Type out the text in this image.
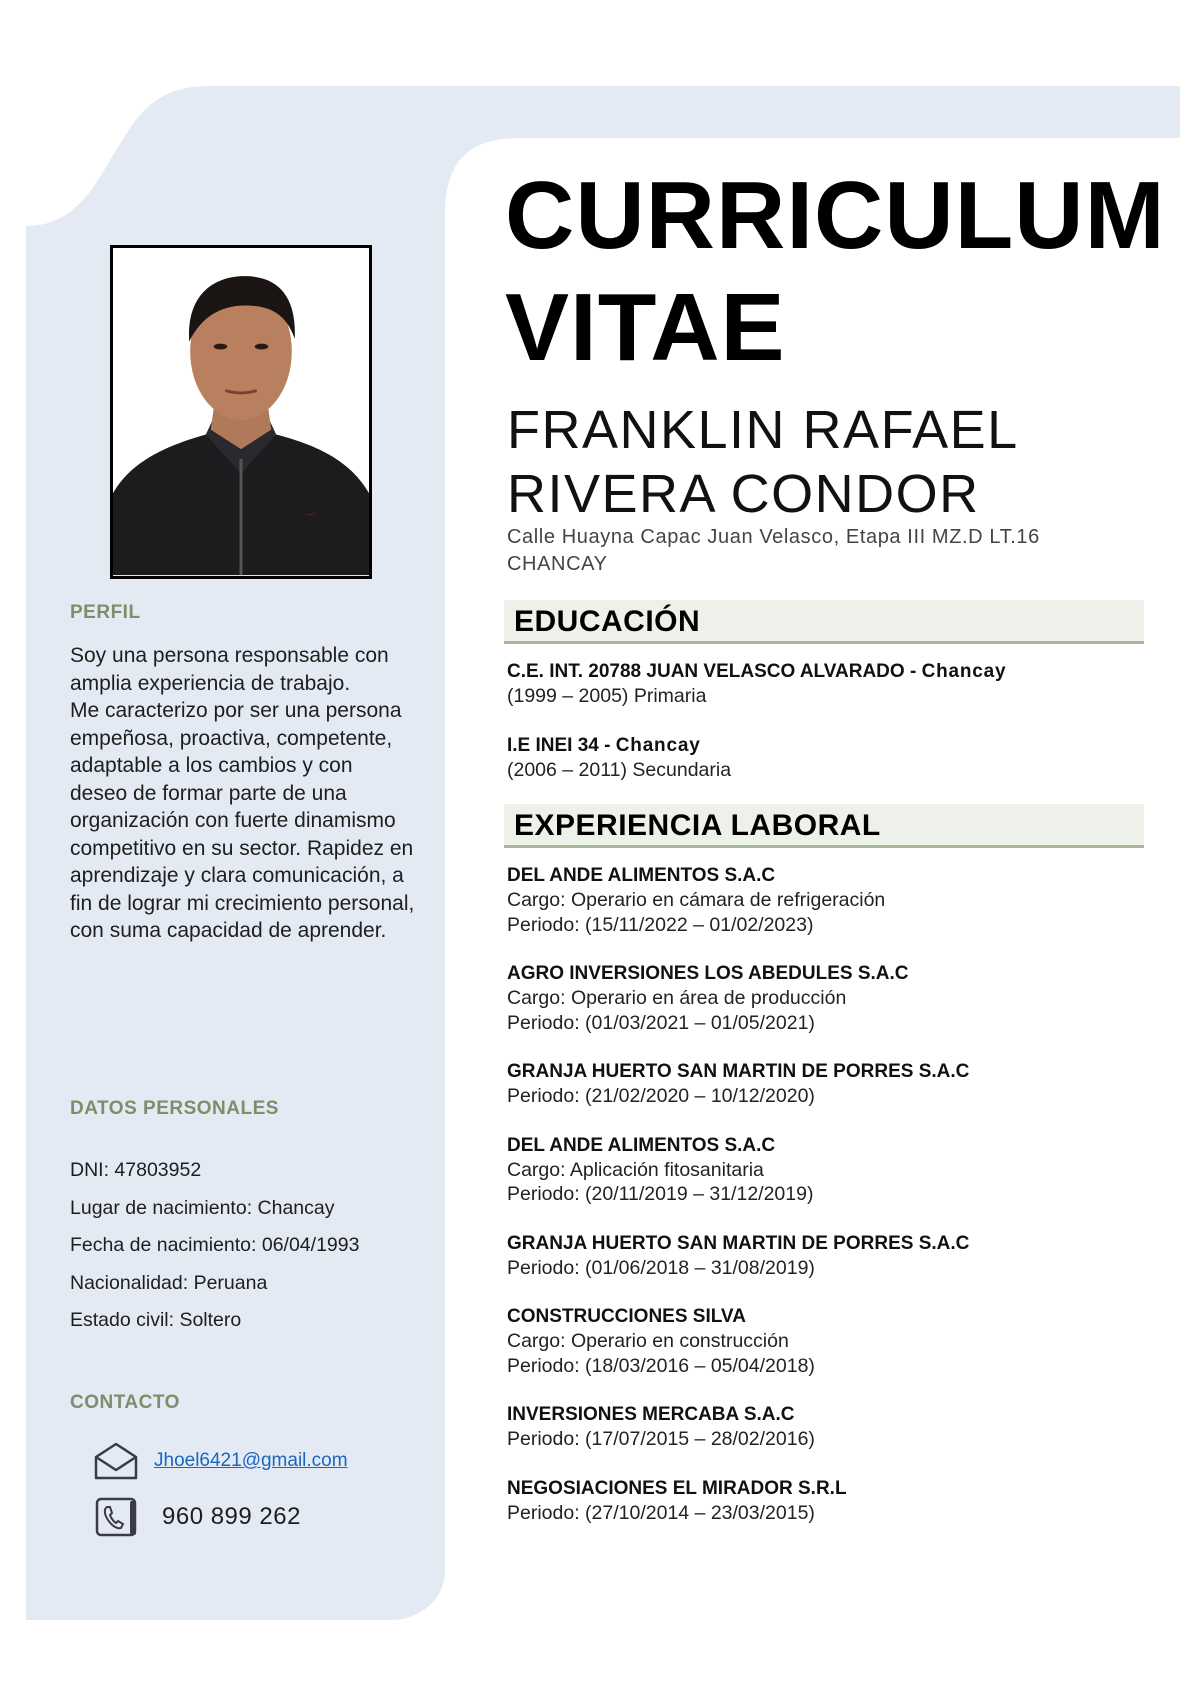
PERFIL

Soy una persona responsable con amplia experiencia de trabajo.

Me caracterizo por ser una persona empeñosa, proactiva, competente, adaptable a los cambios y con deseo de formar parte de una organización con fuerte dinamismo competitivo en su sector. Rapidez en aprendizaje y clara comunicación, a fin de lograr mi crecimiento personal, con suma capacidad de aprender.

DATOS PERSONALES
DNI: 47803952
Lugar de nacimiento: Chancay
Fecha de nacimiento: 06/04/1993
Nacionalidad: Peruana
Estado civil: Soltero
CONTACTO
Jhoel6421@gmail.com
960 899 262
CURRICULUM
VITAE
FRANKLIN RAFAEL
RIVERA CONDOR
Calle Huayna Capac Juan Velasco, Etapa III MZ.D LT.16
CHANCAY
EDUCACIÓN
C.E. INT. 20788 JUAN VELASCO ALVARADO - Chancay
(1999 – 2005) Primaria
I.E INEI 34 - Chancay
(2006 – 2011) Secundaria
EXPERIENCIA LABORAL
DEL ANDE ALIMENTOS S.A.C
Cargo: Operario en cámara de refrigeración
Periodo: (15/11/2022 – 01/02/2023)
AGRO INVERSIONES LOS ABEDULES S.A.C
Cargo: Operario en área de producción
Periodo: (01/03/2021 – 01/05/2021)
GRANJA HUERTO SAN MARTIN DE PORRES S.A.C
Periodo: (21/02/2020 – 10/12/2020)
DEL ANDE ALIMENTOS S.A.C
Cargo: Aplicación fitosanitaria
Periodo: (20/11/2019 – 31/12/2019)
GRANJA HUERTO SAN MARTIN DE PORRES S.A.C
Periodo: (01/06/2018 – 31/08/2019)
CONSTRUCCIONES SILVA
Cargo: Operario en construcción
Periodo: (18/03/2016 – 05/04/2018)
INVERSIONES MERCABA S.A.C
Periodo: (17/07/2015 – 28/02/2016)
NEGOSIACIONES EL MIRADOR S.R.L
Periodo: (27/10/2014 – 23/03/2015)
